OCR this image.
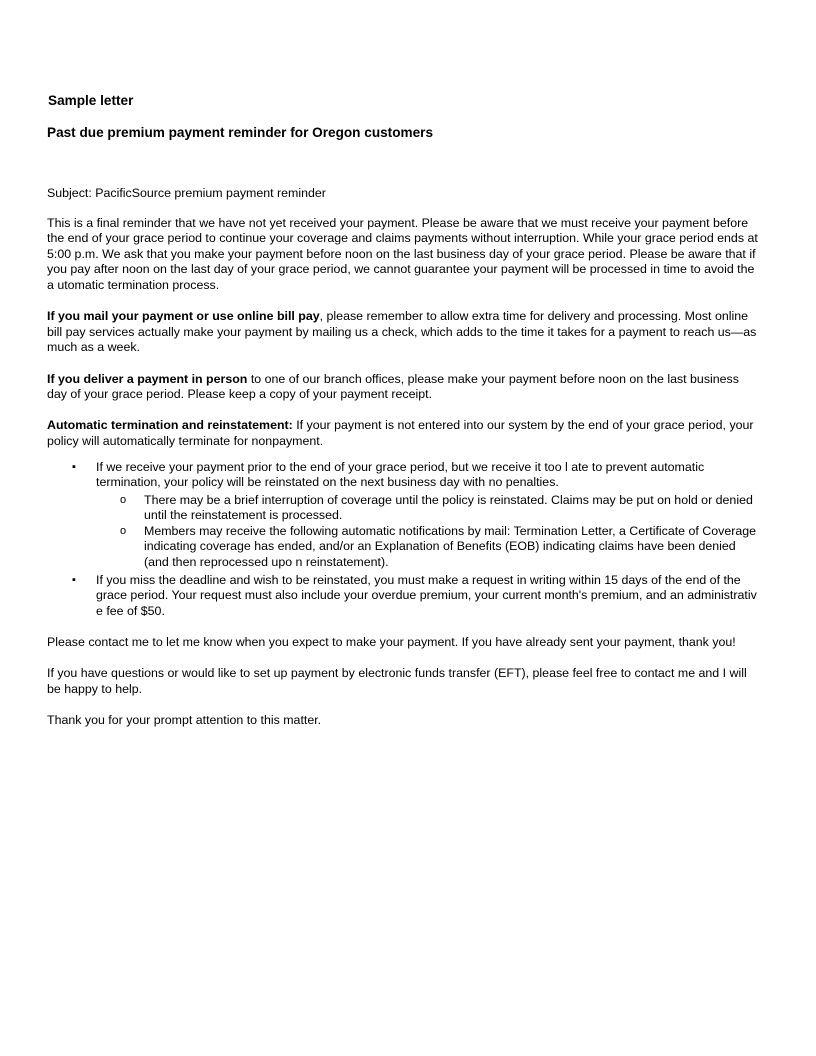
Sample letter
Past due premium payment reminder for Oregon customers

Subject: PacificSource premium payment reminder

This is a final reminder that we have not yet received your payment. Please be aware that we must receive your payment before the end of your grace period to continue your coverage and claims payments without interruption. While your grace period ends at 5:00 p.m. We ask that you make your payment before noon on the last business day of your grace period. Please be aware that if you pay after noon on the last day of your grace period, we cannot guarantee your payment will be processed in time to avoid the a utomatic termination process.

If you mail your payment or use online bill pay, please remember to allow extra time for delivery and processing. Most online bill pay services actually make your payment by mailing us a check, which adds to the time it takes for a payment to reach us—as much as a week.

If you deliver a payment in person to one of our branch offices, please make your payment before noon on the last business day of your grace period. Please keep a copy of your payment receipt.

Automatic termination and reinstatement: If your payment is not entered into our system by the end of your grace period, your policy will automatically terminate for nonpayment.

▪ If we receive your payment prior to the end of your grace period, but we receive it too l ate to prevent automatic termination, your policy will be reinstated on the next business day with no penalties.
o There may be a brief interruption of coverage until the policy is reinstated. Claims may be put on hold or denied until the reinstatement is processed.
o Members may receive the following automatic notifications by mail: Termination Letter, a Certificate of Coverage indicating coverage has ended, and/or an Explanation of Benefits (EOB) indicating claims have been denied (and then reprocessed upo n reinstatement).
▪ If you miss the deadline and wish to be reinstated, you must make a request in writing within 15 days of the end of the grace period. Your request must also include your overdue premium, your current month's premium, and an administrativ e fee of $50.

Please contact me to let me know when you expect to make your payment. If you have already sent your payment, thank you!

If you have questions or would like to set up payment by electronic funds transfer (EFT), please feel free to contact me and I will be happy to help.

Thank you for your prompt attention to this matter.
